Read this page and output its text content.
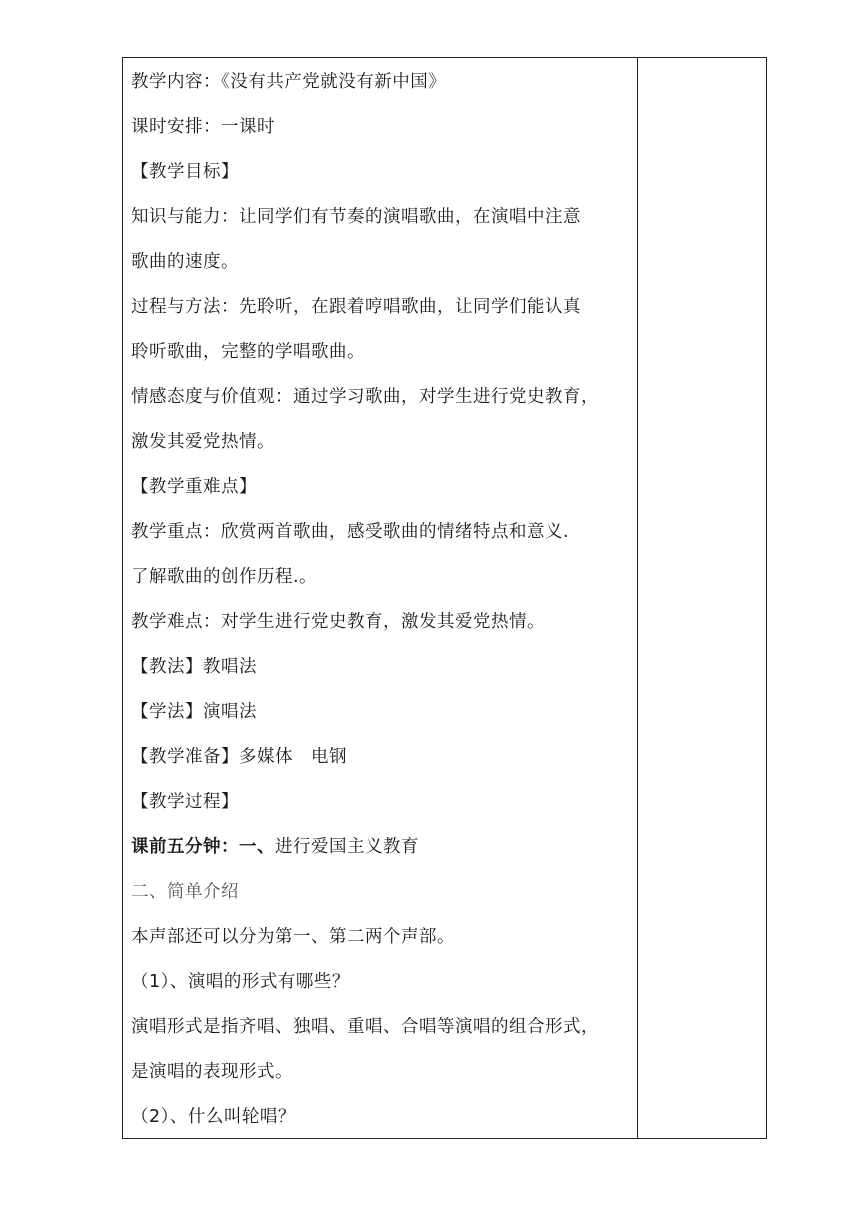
教学内容：《没有共产党就没有新中国》
课时安排：一课时
【教学目标】
知识与能力：让同学们有节奏的演唱歌曲，在演唱中注意
歌曲的速度。
过程与方法：先聆听，在跟着哼唱歌曲，让同学们能认真
聆听歌曲，完整的学唱歌曲。
情感态度与价值观：通过学习歌曲，对学生进行党史教育，
激发其爱党热情。
【教学重难点】
教学重点：欣赏两首歌曲，感受歌曲的情绪特点和意义.
了解歌曲的创作历程.。
教学难点：对学生进行党史教育，激发其爱党热情。
【教法】教唱法
【学法】演唱法
【教学准备】多媒体　电钢
【教学过程】
课前五分钟：一、进行爱国主义教育
二、简单介绍
本声部还可以分为第一、第二两个声部。
（1）、演唱的形式有哪些？
演唱形式是指齐唱、独唱、重唱、合唱等演唱的组合形式，
是演唱的表现形式。
（2）、什么叫轮唱？
